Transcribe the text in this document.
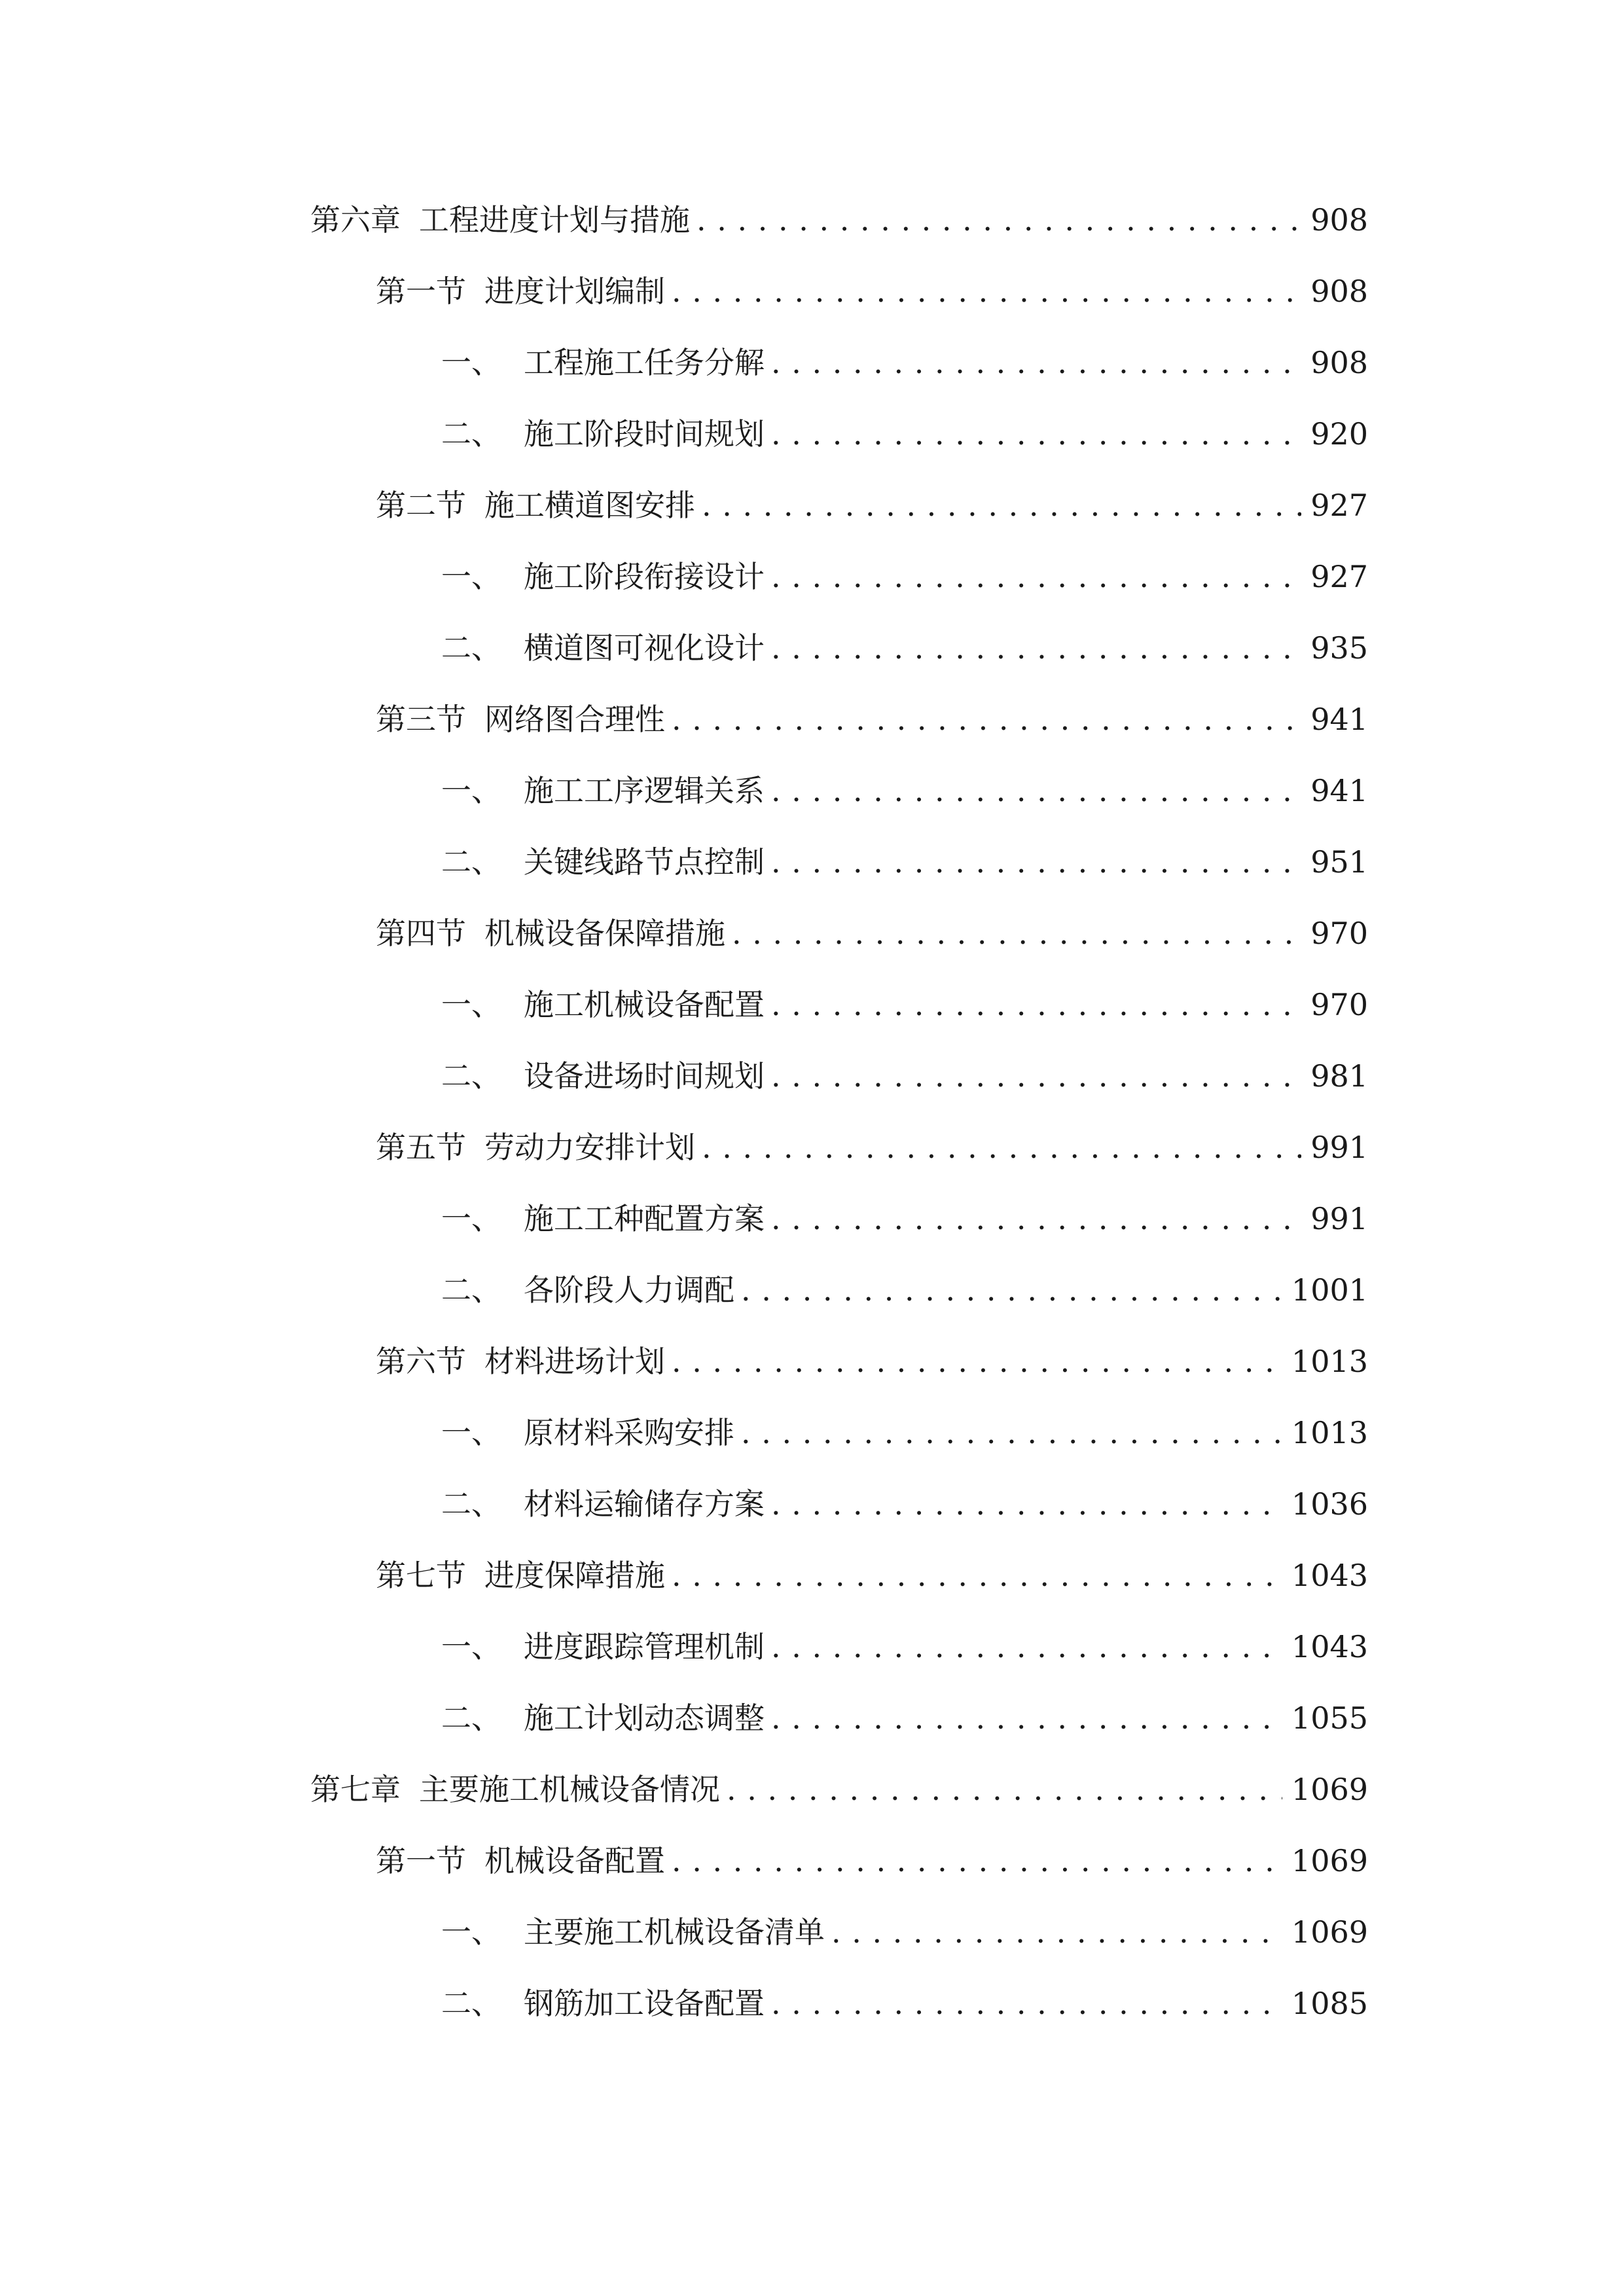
第六章 工程进度计划与措施 . . .	908
第一节 进度计划编制 . . .	908
一、 工程施工任务分解 . . .	908
二、 施工阶段时间规划 . . .	920
第二节 施工横道图安排 . . .	927
一、 施工阶段衔接设计 . . .	927
二、 横道图可视化设计 . . .	935
第三节 网络图合理性 . . .	941
一、 施工工序逻辑关系 . . .	941
二、 关键线路节点控制 . . .	951
第四节 机械设备保障措施 . . .	970
一、 施工机械设备配置 . . .	970
二、 设备进场时间规划 . . .	981
第五节 劳动力安排计划 . . .	991
一、 施工工种配置方案 . . .	991
二、 各阶段人力调配 . . .	1001
第六节 材料进场计划 . . .	1013
一、 原材料采购安排 . . .	1013
二、 材料运输储存方案 . . .	1036
第七节 进度保障措施 . . .	1043
一、 进度跟踪管理机制 . . .	1043
二、 施工计划动态调整 . . .	1055
第七章 主要施工机械设备情况 . . .	1069
第一节 机械设备配置 . . .	1069
一、 主要施工机械设备清单 . . .	1069
二、 钢筋加工设备配置 . . .	1085
